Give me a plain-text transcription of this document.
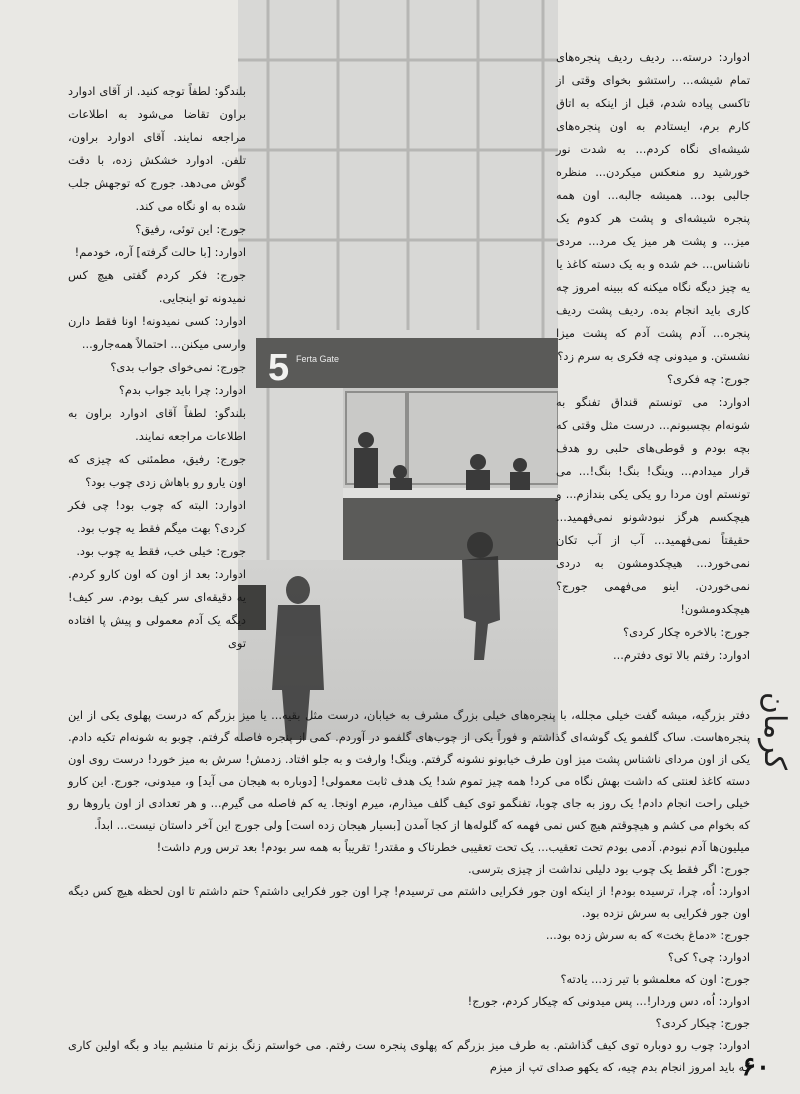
5 Ferta Gate

ادوارد: درسته... ردیف ردیف پنجره‌های تمام شیشه... راستشو بخوای وقتی از تاکسی پیاده شدم، قبل از اینکه به اتاق کارم برم، ایستادم به اون پنجره‌های شیشه‌ای نگاه کردم... به شدت نور خورشید رو منعکس میکردن... منظره جالبی بود... همیشه جالبه... اون همه پنجره شیشه‌ای و پشت هر کدوم یک میز... و پشت هر میز یک مرد... مردی ناشناس... خم شده و به یک دسته کاغذ یا یه چیز دیگه نگاه میکنه که ببینه امروز چه کاری باید انجام بده. ردیف پشت ردیف پنجره... آدم پشت آدم که پشت میزا نشستن. و میدونی چه فکری به سرم زد؟

جورج: چه فکری؟

ادوارد: می تونستم قنداق تفنگو به شونه‌ام بچسبونم... درست مثل وقتی که بچه بودم و قوطی‌های حلبی رو هدف قرار میدادم... وینگ! بنگ! بنگ!... می تونستم اون مردا رو یکی یکی بندازم... و هیچکسم هرگز نبودشونو نمی‌فهمید... حقیقتاً نمی‌فهمید... آب از آب تکان نمی‌خورد... هیچکدومشون به دردی نمی‌خوردن. اینو می‌فهمی جورج؟ هیچکدومشون!

جورج: بالاخره چکار کردی؟

ادوارد: رفتم بالا توی دفترم...

بلندگو: لطفاً توجه کنید. از آقای ادوارد براون تقاضا می‌شود به اطلاعات مراجعه نمایند. آقای ادوارد براون، تلفن. ادوارد خشکش زده، با دقت گوش می‌دهد. جورج که توجهش جلب شده به او نگاه می کند.

جورج: این توئی، رفیق؟

ادوارد: [با حالت گرفته] آره، خودمم!

جورج: فکر کردم گفتی هیچ کس نمیدونه تو اینجایی.

ادوارد: کسی نمیدونه! اونا فقط دارن وارسی میکنن... احتمالاً همه‌جارو...

جورج: نمی‌خوای جواب بدی؟

ادوارد: چرا باید جواب بدم؟

بلندگو: لطفاً آقای ادوارد براون به اطلاعات مراجعه نمایند.

جورج: رفیق، مطمئنی که چیزی که اون یارو رو باهاش زدی چوب بود؟

ادوارد: البته که چوب بود! چی فکر کردی؟ بهت میگم فقط یه چوب بود.

جورج: خیلی خب، فقط یه چوب بود.

ادوارد: بعد از اون که اون کارو کردم. یه دقیقه‌ای سر کیف بودم. سر کیف! دیگه یک آدم معمولی و پیش پا افتاده توی

دفتر بزرگیه، میشه گفت خیلی مجلله، با پنجره‌های خیلی بزرگ مشرف به خیابان، درست مثل بقیه... یا میز بزرگم که درست پهلوی یکی از این پنجره‌هاست. ساک گلفمو یک گوشه‌ای گذاشتم و فوراً یکی از چوب‌های گلفمو در آوردم. کمی از پنجره فاصله گرفتم. چوبو به شونه‌ام تکیه دادم. یکی از اون مردای ناشناس پشت میز اون طرف خیابونو نشونه گرفتم. وینگ! وارفت و به جلو افتاد. زدمش! سرش به میز خورد! درست روی اون دسته کاغذ لعنتی که داشت بهش نگاه می کرد! همه چیز تموم شد! یک هدف ثابت معمولی! [دوباره به هیجان می آید] و، میدونی، جورج. این کارو خیلی راحت انجام دادم! یک روز به جای چوبا، تفنگمو توی کیف گلف میذارم، میرم اونجا. یه کم فاصله می گیرم... و هر تعدادی از اون یاروها رو که بخوام می کشم و هیچوقتم هیچ کس نمی فهمه که گلوله‌ها از کجا آمدن [بسیار هیجان زده است] ولی جورج این آخر داستان نیست... ابداً.

میلیون‌ها آدم نبودم. آدمی بودم تحت تعقیب... یک تحت تعقیبی خطرناک و مقتدر! تقریباً به همه سر بودم! بعد ترس ورم داشت!

جورج: اگر فقط یک چوب بود دلیلی نداشت از چیزی بترسی.

ادوارد: اُه، چرا، ترسیده بودم! از اینکه اون جور فکرایی داشتم می ترسیدم! چرا اون جور فکرایی داشتم؟ حتم داشتم تا اون لحظه هیچ کس دیگه اون جور فکرایی به سرش نزده بود.

جورج: «دماغ بخت» که به سرش زده بود...

ادوارد: چی؟ کی؟

جورج: اون که معلمشو با تیر زد... یادته؟

ادوارد: اُه، دس وردار!... پس میدونی که چیکار کردم، جورج!

جورج: چیکار کردی؟

ادوارد: چوب رو دوباره توی کیف گذاشتم. به طرف میز بزرگم که پهلوی پنجره ست رفتم. می خواستم زنگ بزنم تا منشیم بیاد و بگه اولین کاری که باید امروز انجام بدم چیه، که یکهو صدای تپ از میزم

کرمان
۶۰
